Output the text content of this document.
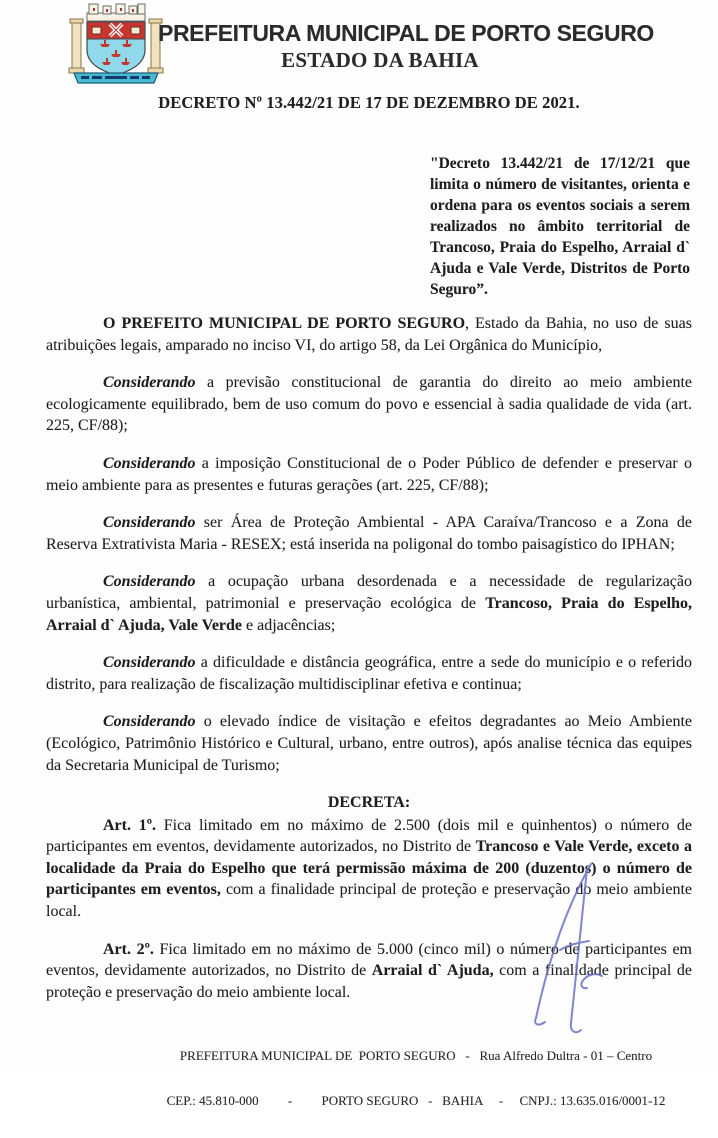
PREFEITURA MUNICIPAL DE PORTO SEGURO
ESTADO DA BAHIA
DECRETO Nº 13.442/21 DE 17 DE DEZEMBRO DE 2021.
"Decreto 13.442/21 de 17/12/21 que limita o número de visitantes, orienta e ordena para os eventos sociais a serem realizados no âmbito territorial de Trancoso, Praia do Espelho, Arraial d` Ajuda e Vale Verde, Distritos de Porto Seguro”.

O PREFEITO MUNICIPAL DE PORTO SEGURO, Estado da Bahia, no uso de suas atribuições legais, amparado no inciso VI, do artigo 58, da Lei Orgânica do Município,

Considerando a previsão constitucional de garantia do direito ao meio ambiente ecologicamente equilibrado, bem de uso comum do povo e essencial à sadia qualidade de vida (art. 225, CF/88);

Considerando a imposição Constitucional de o Poder Público de defender e preservar o meio ambiente para as presentes e futuras gerações (art. 225, CF/88);

Considerando ser Área de Proteção Ambiental - APA Caraíva/Trancoso e a Zona de Reserva Extrativista Maria - RESEX; está inserida na poligonal do tombo paisagístico do IPHAN;

Considerando a ocupação urbana desordenada e a necessidade de regularização urbanística, ambiental, patrimonial e preservação ecológica de Trancoso, Praia do Espelho, Arraial d` Ajuda, Vale Verde e adjacências;

Considerando a dificuldade e distância geográfica, entre a sede do município e o referido distrito, para realização de fiscalização multidisciplinar efetiva e continua;

Considerando o elevado índice de visitação e efeitos degradantes ao Meio Ambiente (Ecológico, Patrimônio Histórico e Cultural, urbano, entre outros), após analise técnica das equipes da Secretaria Municipal de Turismo;

DECRETA:

Art. 1º. Fica limitado em no máximo de 2.500 (dois mil e quinhentos) o número de participantes em eventos, devidamente autorizados, no Distrito de Trancoso e Vale Verde, exceto a localidade da Praia do Espelho que terá permissão máxima de 200 (duzentos) o número de participantes em eventos, com a finalidade principal de proteção e preservação do meio ambiente local.

Art. 2º. Fica limitado em no máximo de 5.000 (cinco mil) o número de participantes em eventos, devidamente autorizados, no Distrito de Arraial d` Ajuda, com a finalidade principal de proteção e preservação do meio ambiente local.

PREFEITURA MUNICIPAL DE  PORTO SEGURO   -   Rua Alfredo Dultra - 01 – Centro

CEP.: 45.810-000         -         PORTO SEGURO   -   BAHIA     -     CNPJ.: 13.635.016/0001-12
